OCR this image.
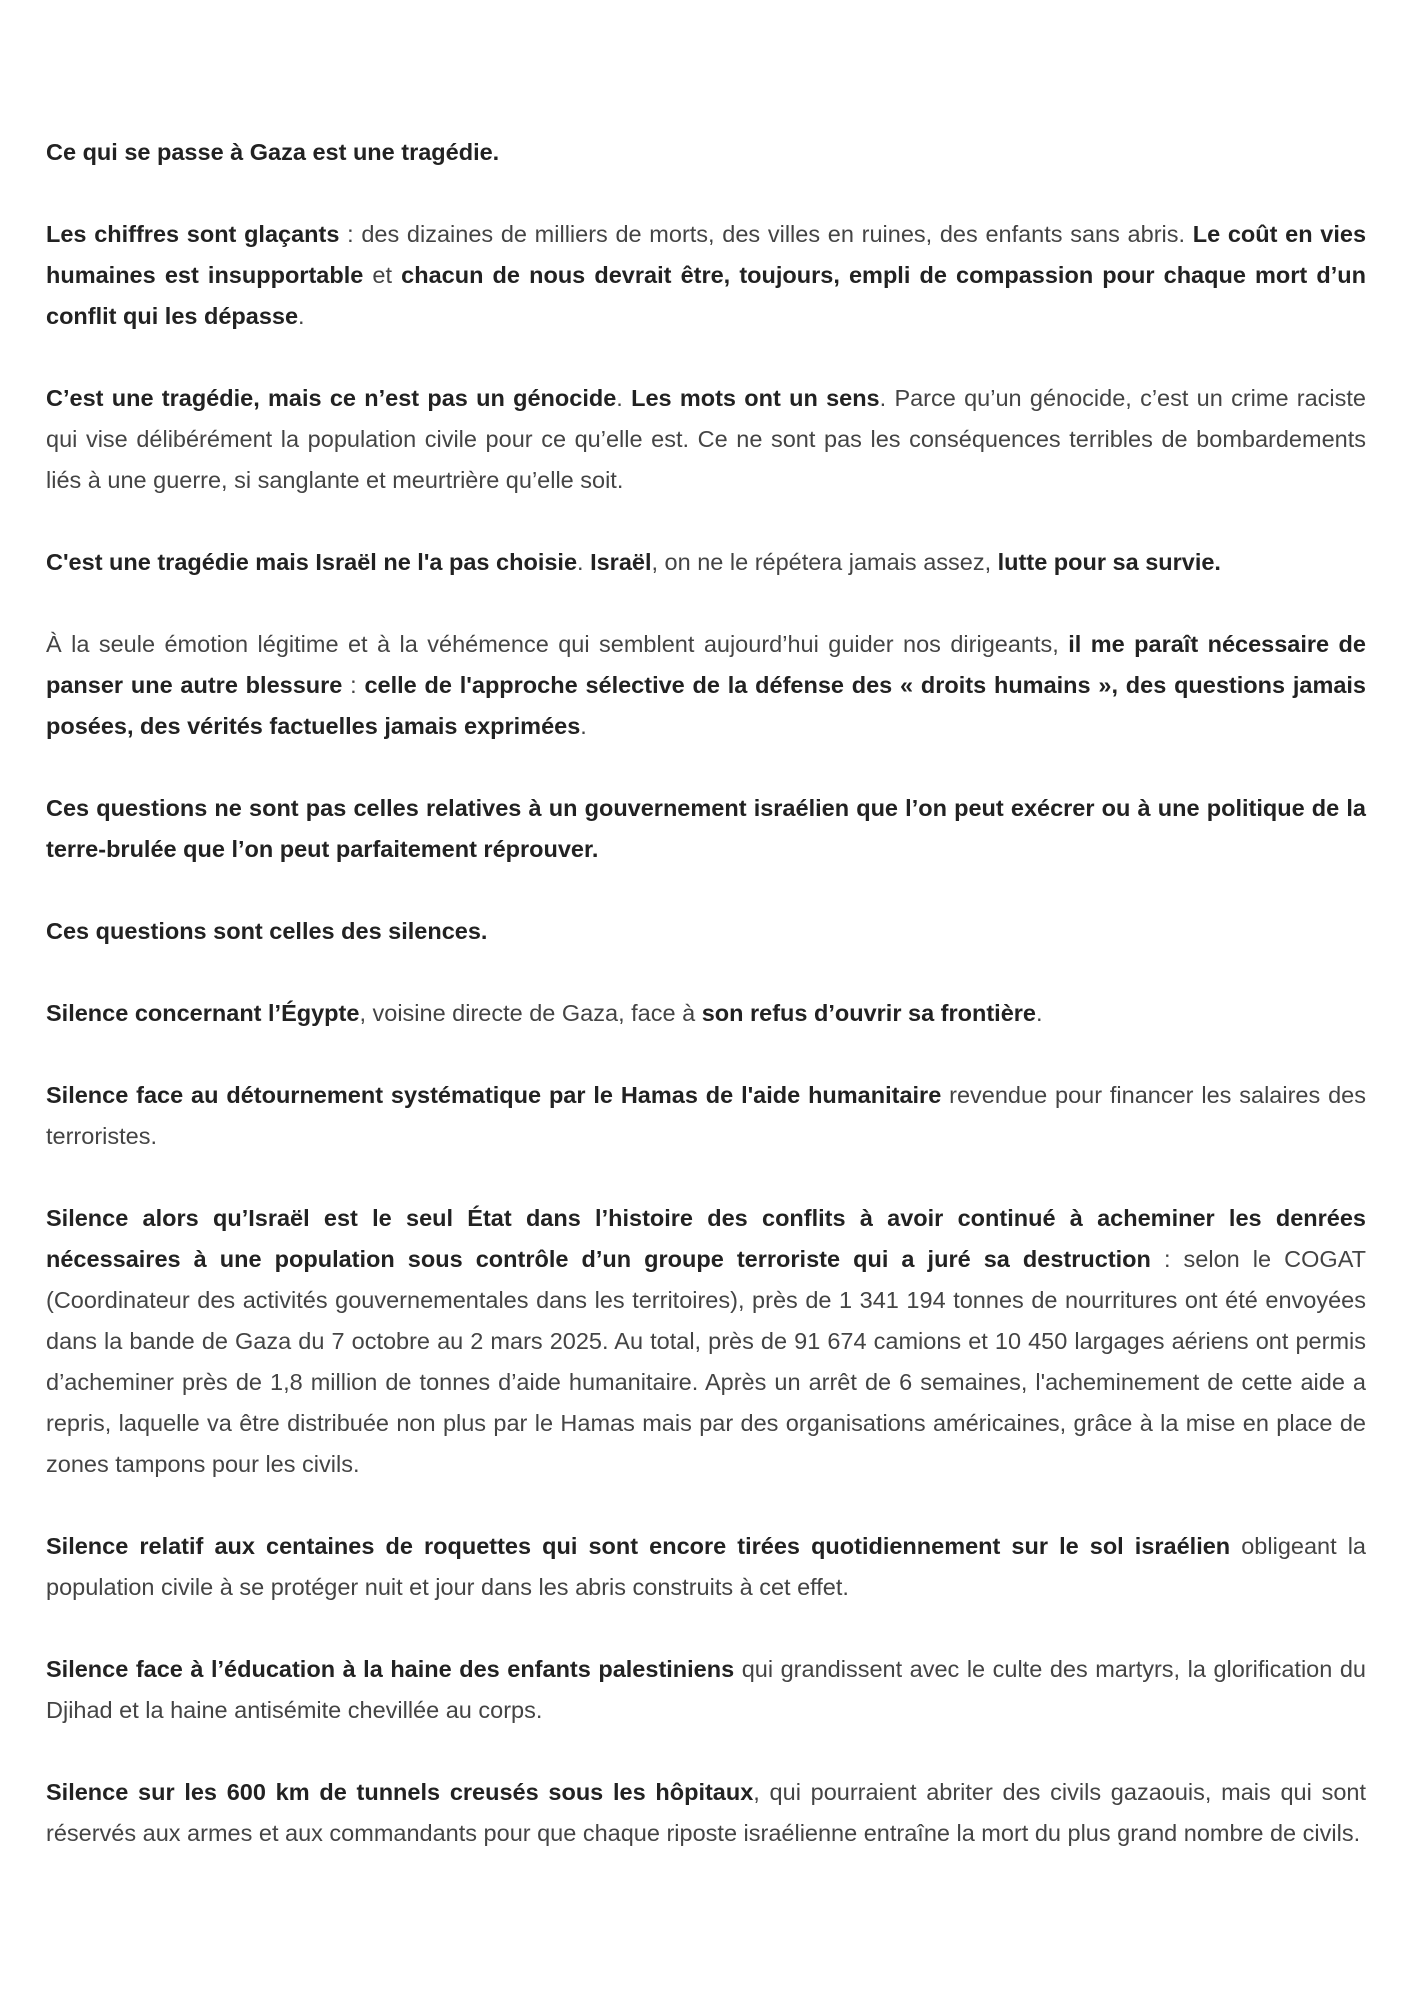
Ce qui se passe à Gaza est une tragédie.

Les chiffres sont glaçants : des dizaines de milliers de morts, des villes en ruines, des enfants sans abris. Le coût en vies humaines est insupportable et chacun de nous devrait être, toujours, empli de compassion pour chaque mort d’un conflit qui les dépasse.

C’est une tragédie, mais ce n’est pas un génocide. Les mots ont un sens. Parce qu’un génocide, c’est un crime raciste qui vise délibérément la population civile pour ce qu’elle est. Ce ne sont pas les conséquences terribles de bombardements liés à une guerre, si sanglante et meurtrière qu’elle soit.

C'est une tragédie mais Israël ne l'a pas choisie. Israël, on ne le répétera jamais assez, lutte pour sa survie.

À la seule émotion légitime et à la véhémence qui semblent aujourd’hui guider nos dirigeants, il me paraît nécessaire de panser une autre blessure : celle de l'approche sélective de la défense des « droits humains », des questions jamais posées, des vérités factuelles jamais exprimées.

Ces questions ne sont pas celles relatives à un gouvernement israélien que l’on peut exécrer ou à une politique de la terre-brulée que l’on peut parfaitement réprouver.

Ces questions sont celles des silences.

Silence concernant l’Égypte, voisine directe de Gaza, face à son refus d’ouvrir sa frontière.

Silence face au détournement systématique par le Hamas de l'aide humanitaire revendue pour financer les salaires des terroristes.

Silence alors qu’Israël est le seul État dans l’histoire des conflits à avoir continué à acheminer les denrées nécessaires à une population sous contrôle d’un groupe terroriste qui a juré sa destruction : selon le COGAT (Coordinateur des activités gouvernementales dans les territoires), près de 1 341 194 tonnes de nourritures ont été envoyées dans la bande de Gaza du 7 octobre au 2 mars 2025. Au total, près de 91 674 camions et 10 450 largages aériens ont permis d’acheminer près de 1,8 million de tonnes d’aide humanitaire. Après un arrêt de 6 semaines, l'acheminement de cette aide a repris, laquelle va être distribuée non plus par le Hamas mais par des organisations américaines, grâce à la mise en place de zones tampons pour les civils.

Silence relatif aux centaines de roquettes qui sont encore tirées quotidiennement sur le sol israélien obligeant la population civile à se protéger nuit et jour dans les abris construits à cet effet.

Silence face à l’éducation à la haine des enfants palestiniens qui grandissent avec le culte des martyrs, la glorification du Djihad et la haine antisémite chevillée au corps.

Silence sur les 600 km de tunnels creusés sous les hôpitaux, qui pourraient abriter des civils gazaouis, mais qui sont réservés aux armes et aux commandants pour que chaque riposte israélienne entraîne la mort du plus grand nombre de civils.
